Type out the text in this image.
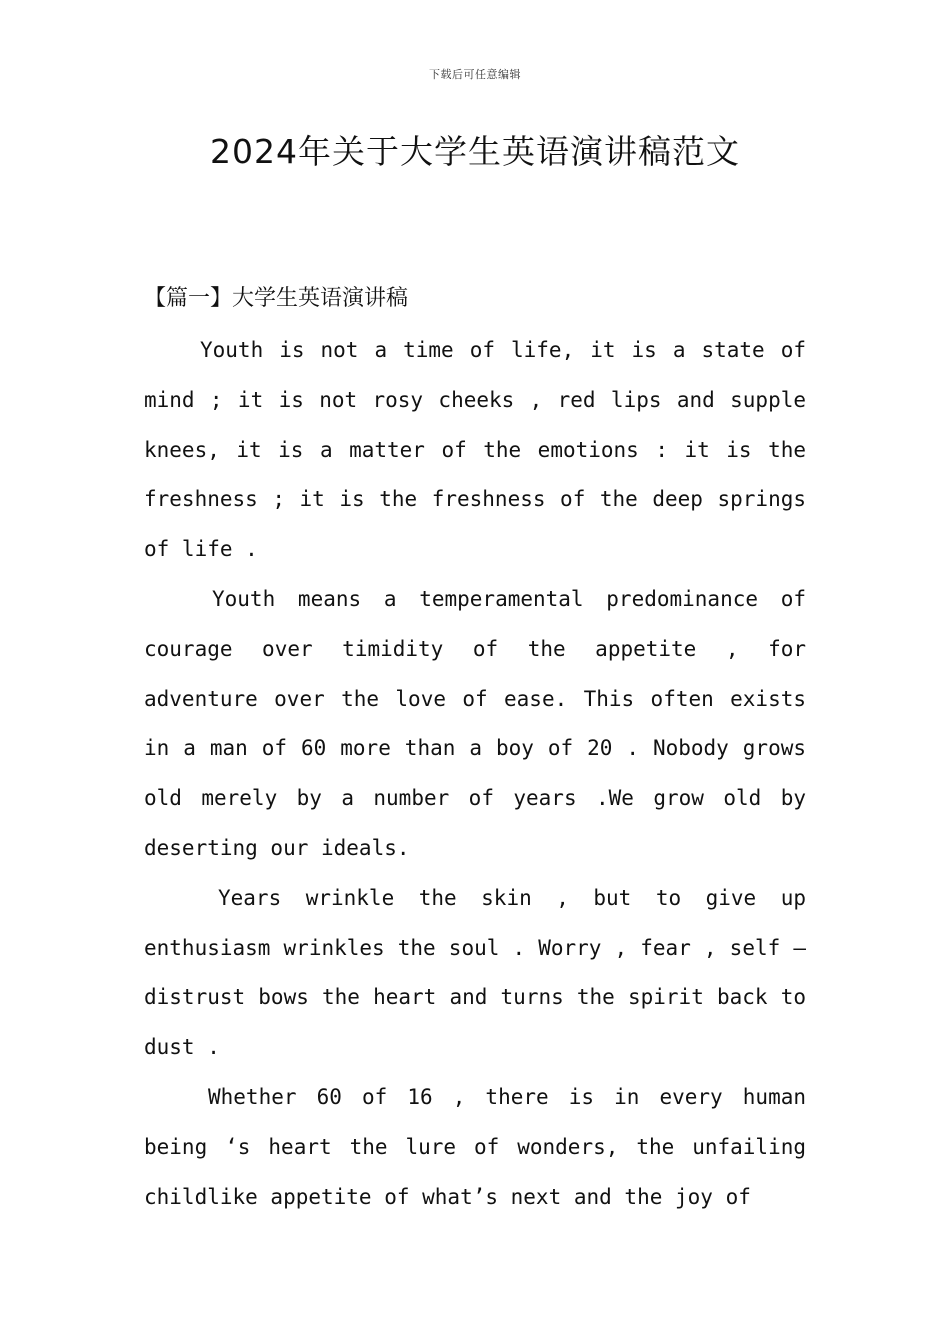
下载后可任意编辑
2024年关于大学生英语演讲稿范文
【篇一】大学生英语演讲稿

Youth is not a time of life, it is a state of mind ; it is not rosy cheeks , red lips and supple knees, it is a matter of the emotions : it is the freshness ; it is the freshness of the deep springs of life .

Youth means a temperamental predominance of courage over timidity of the appetite , for adventure over the love of ease. This often exists in a man of 60 more than a boy of 20 . Nobody grows old merely by a number of years .We grow old by deserting our ideals.

Years wrinkle the skin , but to give up enthusiasm wrinkles the soul . Worry , fear , self –distrust bows the heart and turns the spirit back to dust .

Whether 60 of 16 , there is in every human being ‘s heart the lure of wonders, the unfailing childlike appetite of what’s next and the joy of
